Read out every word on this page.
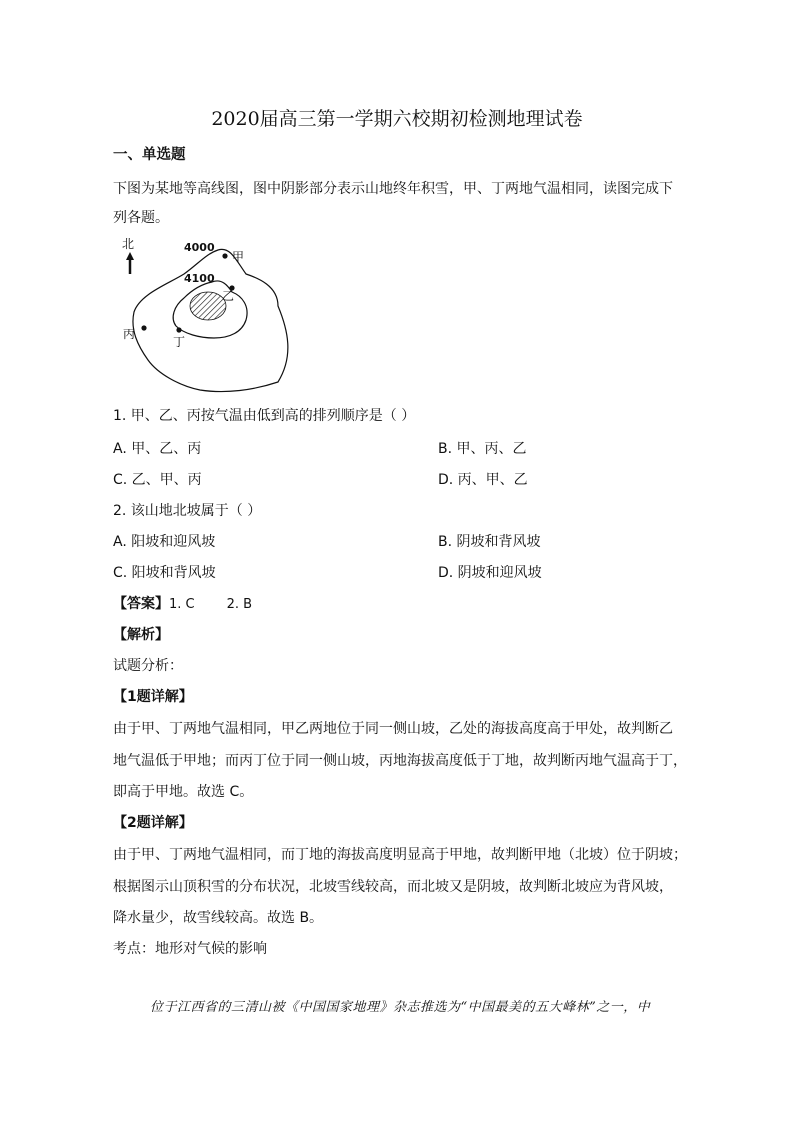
2020届高三第一学期六校期初检测地理试卷
一、单选题
下图为某地等高线图，图中阴影部分表示山地终年积雪，甲、丁两地气温相同，读图完成下
列各题。
北	4000
4100
甲
乙
丙
丁
1. 甲、乙、丙按气温由低到高的排列顺序是（ ）
A. 甲、乙、丙	B. 甲、丙、乙
C. 乙、甲、丙	D. 丙、甲、乙
2. 该山地北坡属于（ ）
A. 阳坡和迎风坡	B. 阴坡和背风坡
C. 阳坡和背风坡	D. 阴坡和迎风坡
【答案】1. C 2. B
【解析】
试题分析：
【1题详解】
由于甲、丁两地气温相同，甲乙两地位于同一侧山坡，乙处的海拔高度高于甲处，故判断乙
地气温低于甲地；而丙丁位于同一侧山坡，丙地海拔高度低于丁地，故判断丙地气温高于丁，
即高于甲地。故选 C。
【2题详解】
由于甲、丁两地气温相同，而丁地的海拔高度明显高于甲地，故判断甲地（北坡）位于阴坡；
根据图示山顶积雪的分布状况，北坡雪线较高，而北坡又是阴坡，故判断北坡应为背风坡，
降水量少，故雪线较高。故选 B。
考点：地形对气候的影响
位于江西省的三清山被《中国国家地理》杂志推选为“中国最美的五大峰林”之一，中
